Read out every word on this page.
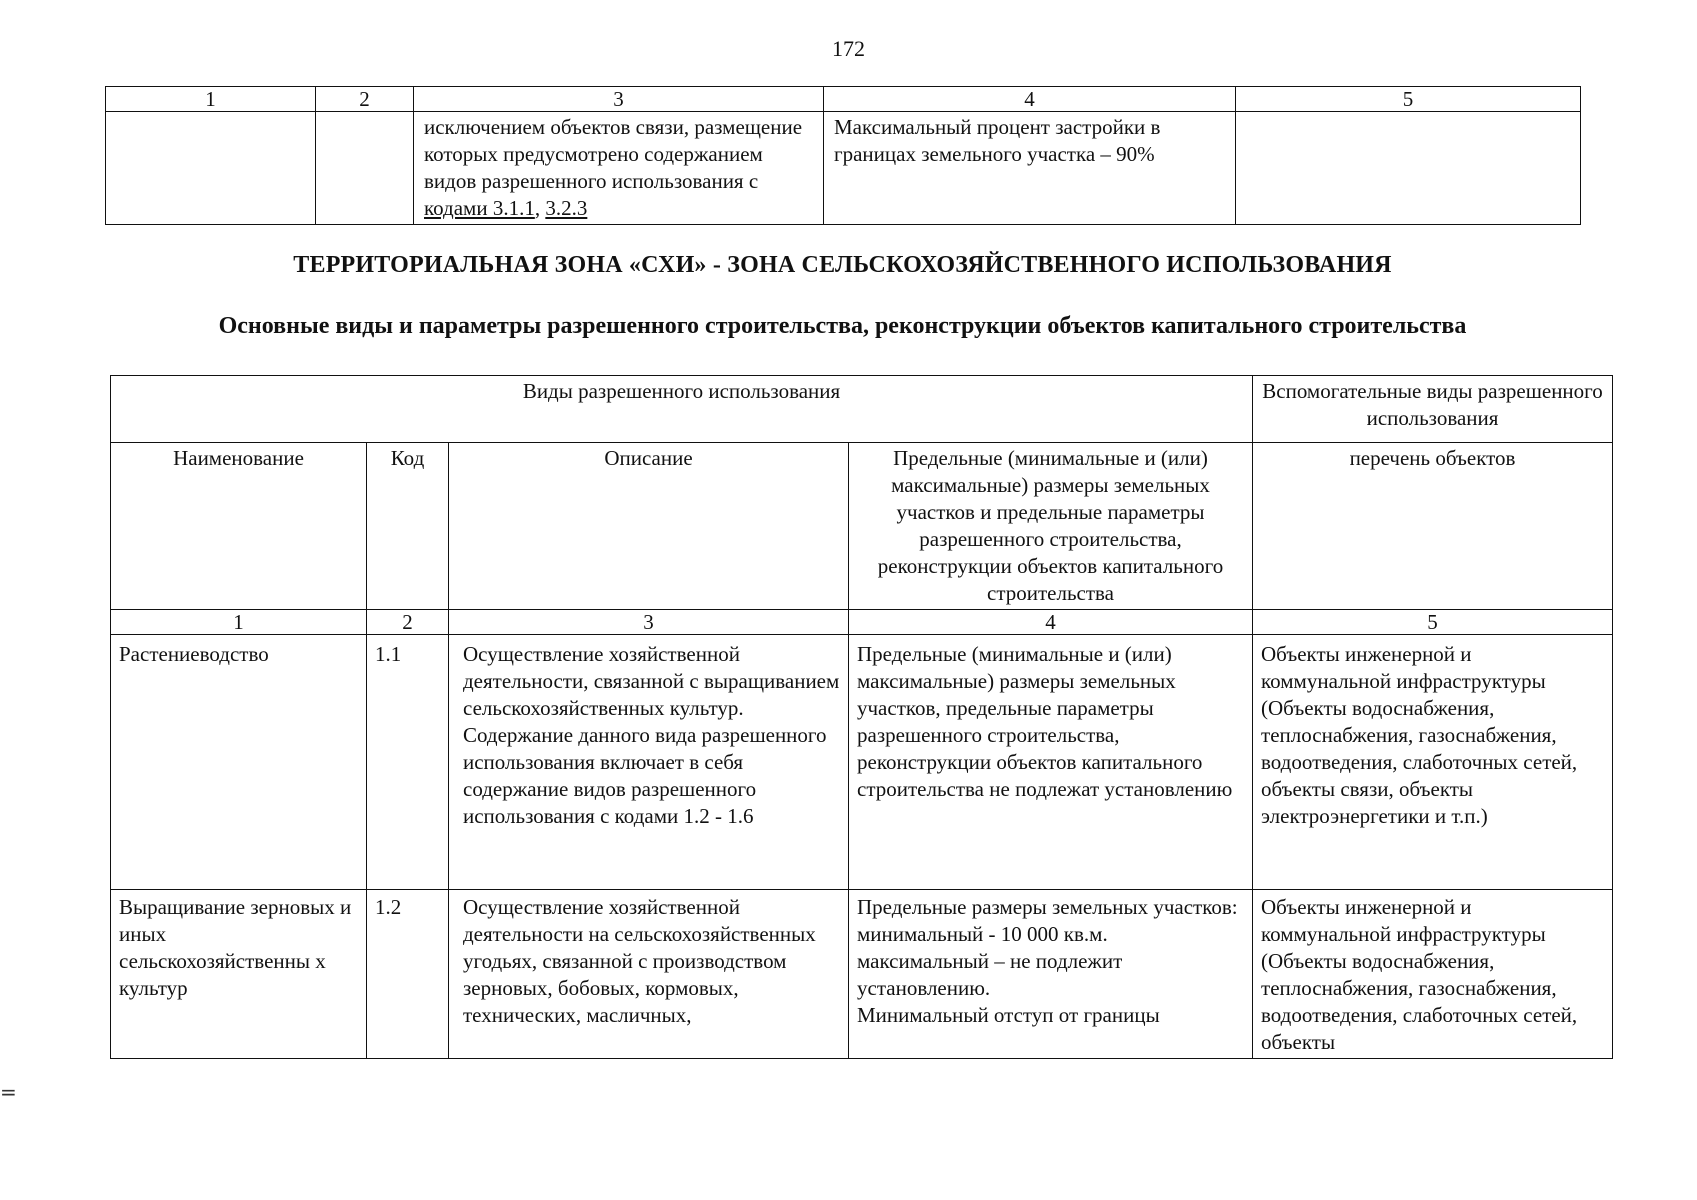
172
1	2	3	4	5
		исключением объектов связи, размещение которых предусмотрено содержанием видов разрешенного использования с кодами 3.1.1, 3.2.3	Максимальный процент застройки в границах земельного участка – 90%	
ТЕРРИТОРИАЛЬНАЯ ЗОНА «СХИ» - ЗОНА СЕЛЬСКОХОЗЯЙСТВЕННОГО ИСПОЛЬЗОВАНИЯ
Основные виды и параметры разрешенного строительства, реконструкции объектов капитального строительства
Виды разрешенного использования				Вспомогательные виды разрешенного использования
Наименование	Код	Описание	Предельные (минимальные и (или) максимальные) размеры земельных участков и предельные параметры разрешенного строительства, реконструкции объектов капитального строительства	перечень объектов
1	2	3	4	5
Растениеводство	1.1	Осуществление хозяйственной деятельности, связанной с выращиванием сельскохозяйственных культур. Содержание данного вида разрешенного использования включает в себя содержание видов разрешенного использования с кодами 1.2 - 1.6	Предельные (минимальные и (или) максимальные) размеры земельных участков, предельные параметры разрешенного строительства, реконструкции объектов капитального строительства не подлежат установлению	Объекты инженерной и коммунальной инфраструктуры (Объекты водоснабжения, теплоснабжения, газоснабжения, водоотведения, слаботочных сетей, объекты связи, объекты электроэнергетики и т.п.)
Выращивание зерновых и иных сельскохозяйственны х культур	1.2	Осуществление хозяйственной деятельности на сельскохозяйственных угодьях, связанной с производством зерновых, бобовых, кормовых, технических, масличных,	Предельные размеры земельных участков:
минимальный - 10 000 кв.м.
максимальный – не подлежит установлению.
Минимальный отступ от границы	Объекты инженерной и коммунальной инфраструктуры (Объекты водоснабжения, теплоснабжения, газоснабжения, водоотведения, слаботочных сетей, объекты
=
